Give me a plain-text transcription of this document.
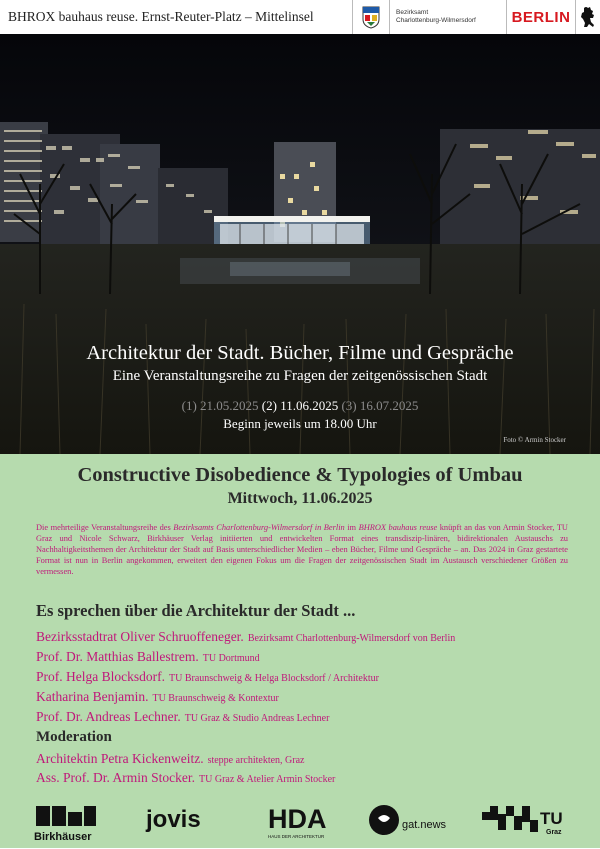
BHROX bauhaus reuse. Ernst-Reuter-Platz – Mittelinsel	Bezirksamt
Charlottenburg-Wilmersdorf	BERLIN
Architektur der Stadt. Bücher, Filme und Gespräche
Eine Veranstaltungsreihe zu Fragen der zeitgenössischen Stadt
(1) 21.05.2025 (2) 11.06.2025 (3) 16.07.2025
Beginn jeweils um 18.00 Uhr
Foto © Armin Stocker
Constructive Disobedience & Typologies of Umbau
Mittwoch, 11.06.2025
Die mehrteilige Veranstaltungsreihe des Bezirksamts Charlottenburg-Wilmersdorf in Berlin im BHROX bauhaus reuse knüpft an das von Armin Stocker, TU Graz und Nicole Schwarz, Birkhäuser Verlag initiierten und entwickelten Format eines transdiszip-linären, bidirektionalen Austauschs zu Nachhaltigkeitsthemen der Architektur der Stadt auf Basis unterschiedlicher Medien – eben Bücher, Filme und Gespräche – an. Das 2024 in Graz gestartete Format ist nun in Berlin angekommen, erweitert den eigenen Fokus um die Fragen der zeitgenössischen Stadt im Austausch verschiedener Größen zu vermessen.
Es sprechen über die Architektur der Stadt ...
Bezirksstadtrat Oliver Schruoffeneger. Bezirksamt Charlottenburg-Wilmersdorf von Berlin
Prof. Dr. Matthias Ballestrem. TU Dortmund
Prof. Helga Blocksdorf. TU Braunschweig & Helga Blocksdorf / Architektur
Katharina Benjamin. TU Braunschweig & Kontextur
Prof. Dr. Andreas Lechner. TU Graz & Studio Andreas Lechner
Moderation
Architektin Petra Kickenweitz. steppe architekten, Graz
Ass. Prof. Dr. Armin Stocker. TU Graz & Atelier Armin Stocker
Birkhäuser
jovis HDA
HAUS DER ARCHITEKTUR
gat.news	TU
Graz
